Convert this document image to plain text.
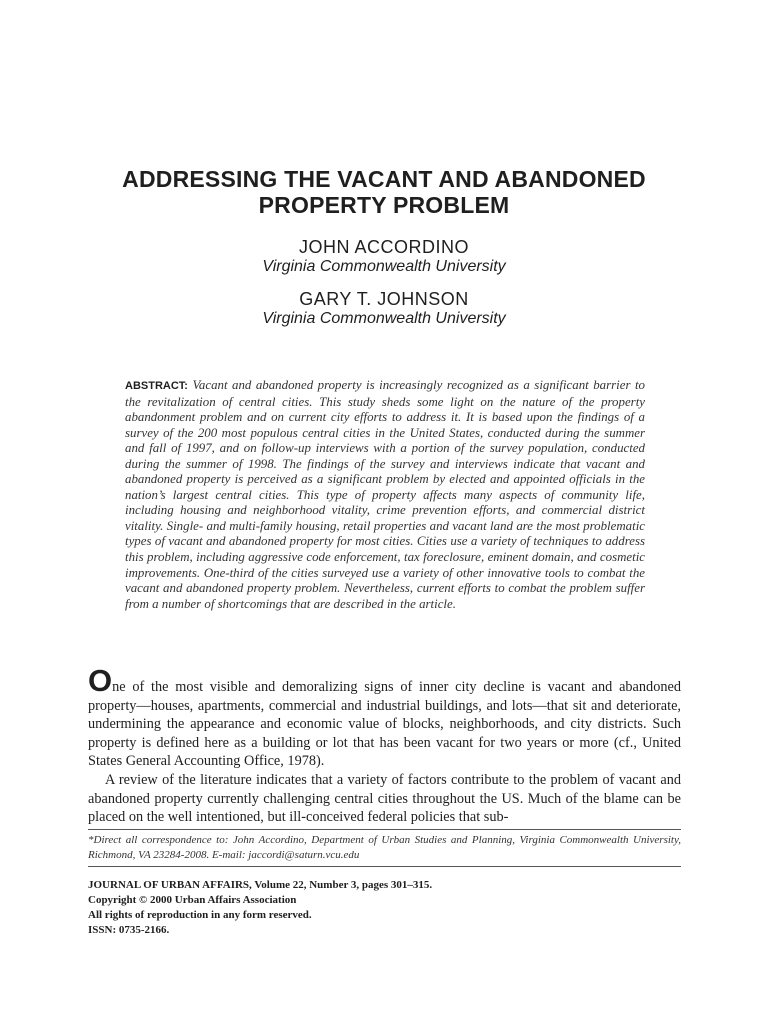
ADDRESSING THE VACANT AND ABANDONED
PROPERTY PROBLEM
JOHN ACCORDINO
Virginia Commonwealth University
GARY T. JOHNSON
Virginia Commonwealth University

ABSTRACT: Vacant and abandoned property is increasingly recognized as a significant barrier to the revitalization of central cities. This study sheds some light on the nature of the property abandonment problem and on current city efforts to address it. It is based upon the findings of a survey of the 200 most populous central cities in the United States, conducted during the summer and fall of 1997, and on follow-up interviews with a portion of the survey population, conducted during the summer of 1998. The findings of the survey and interviews indicate that vacant and abandoned property is perceived as a significant problem by elected and appointed officials in the nation’s largest central cities. This type of property affects many aspects of community life, including housing and neighborhood vitality, crime prevention efforts, and commercial district vitality. Single- and multi-family housing, retail properties and vacant land are the most problematic types of vacant and abandoned property for most cities. Cities use a variety of techniques to address this problem, including aggressive code enforcement, tax foreclosure, eminent domain, and cosmetic improvements. One-third of the cities surveyed use a variety of other innovative tools to combat the vacant and abandoned property problem. Nevertheless, current efforts to combat the problem suffer from a number of shortcomings that are described in the article.

One of the most visible and demoralizing signs of inner city decline is vacant and abandoned property—houses, apartments, commercial and industrial buildings, and lots—that sit and deteriorate, undermining the appearance and economic value of blocks, neighborhoods, and city districts. Such property is defined here as a building or lot that has been vacant for two years or more (cf., United States General Accounting Office, 1978).

A review of the literature indicates that a variety of factors contribute to the problem of vacant and abandoned property currently challenging central cities throughout the US. Much of the blame can be placed on the well intentioned, but ill-conceived federal policies that sub-

*Direct all correspondence to: John Accordino, Department of Urban Studies and Planning, Virginia Commonwealth University, Richmond, VA 23284-2008. E-mail: jaccordi@saturn.vcu.edu

JOURNAL OF URBAN AFFAIRS, Volume 22, Number 3, pages 301–315.
Copyright © 2000 Urban Affairs Association
All rights of reproduction in any form reserved.
ISSN: 0735-2166.
